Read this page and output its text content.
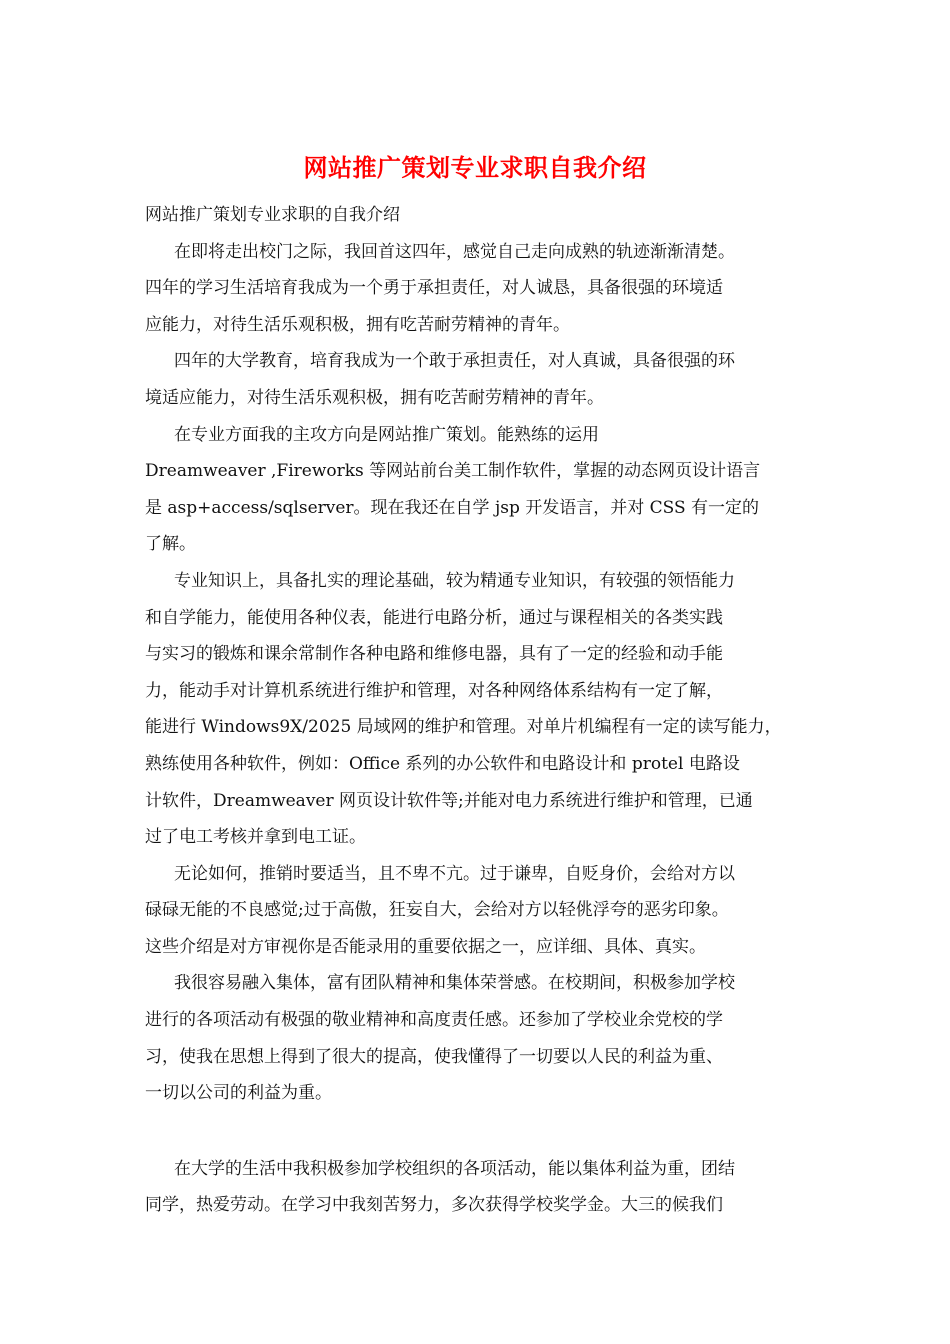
网站推广策划专业求职自我介绍
网站推广策划专业求职的自我介绍
在即将走出校门之际，我回首这四年，感觉自己走向成熟的轨迹渐渐清楚。
四年的学习生活培育我成为一个勇于承担责任，对人诚恳，具备很强的环境适
应能力，对待生活乐观积极，拥有吃苦耐劳精神的青年。
四年的大学教育，培育我成为一个敢于承担责任，对人真诚，具备很强的环
境适应能力，对待生活乐观积极，拥有吃苦耐劳精神的青年。
在专业方面我的主攻方向是网站推广策划。能熟练的运用
Dreamweaver ,Fireworks 等网站前台美工制作软件，掌握的动态网页设计语言
是 asp+access/sqlserver。现在我还在自学 jsp 开发语言，并对 CSS 有一定的
了解。
专业知识上，具备扎实的理论基础，较为精通专业知识，有较强的领悟能力
和自学能力，能使用各种仪表，能进行电路分析，通过与课程相关的各类实践
与实习的锻炼和课余常制作各种电路和维修电器，具有了一定的经验和动手能
力，能动手对计算机系统进行维护和管理，对各种网络体系结构有一定了解，
能进行 Windows9X/2025 局域网的维护和管理。对单片机编程有一定的读写能力，
熟练使用各种软件，例如：Office 系列的办公软件和电路设计和 protel 电路设
计软件，Dreamweaver 网页设计软件等;并能对电力系统进行维护和管理，已通
过了电工考核并拿到电工证。
无论如何，推销时要适当，且不卑不亢。过于谦卑，自贬身价，会给对方以
碌碌无能的不良感觉;过于高傲，狂妄自大，会给对方以轻佻浮夸的恶劣印象。
这些介绍是对方审视你是否能录用的重要依据之一，应详细、具体、真实。
我很容易融入集体，富有团队精神和集体荣誉感。在校期间，积极参加学校
进行的各项活动有极强的敬业精神和高度责任感。还参加了学校业余党校的学
习，使我在思想上得到了很大的提高，使我懂得了一切要以人民的利益为重、
一切以公司的利益为重。
在大学的生活中我积极参加学校组织的各项活动，能以集体利益为重，团结
同学，热爱劳动。在学习中我刻苦努力，多次获得学校奖学金。大三的候我们
